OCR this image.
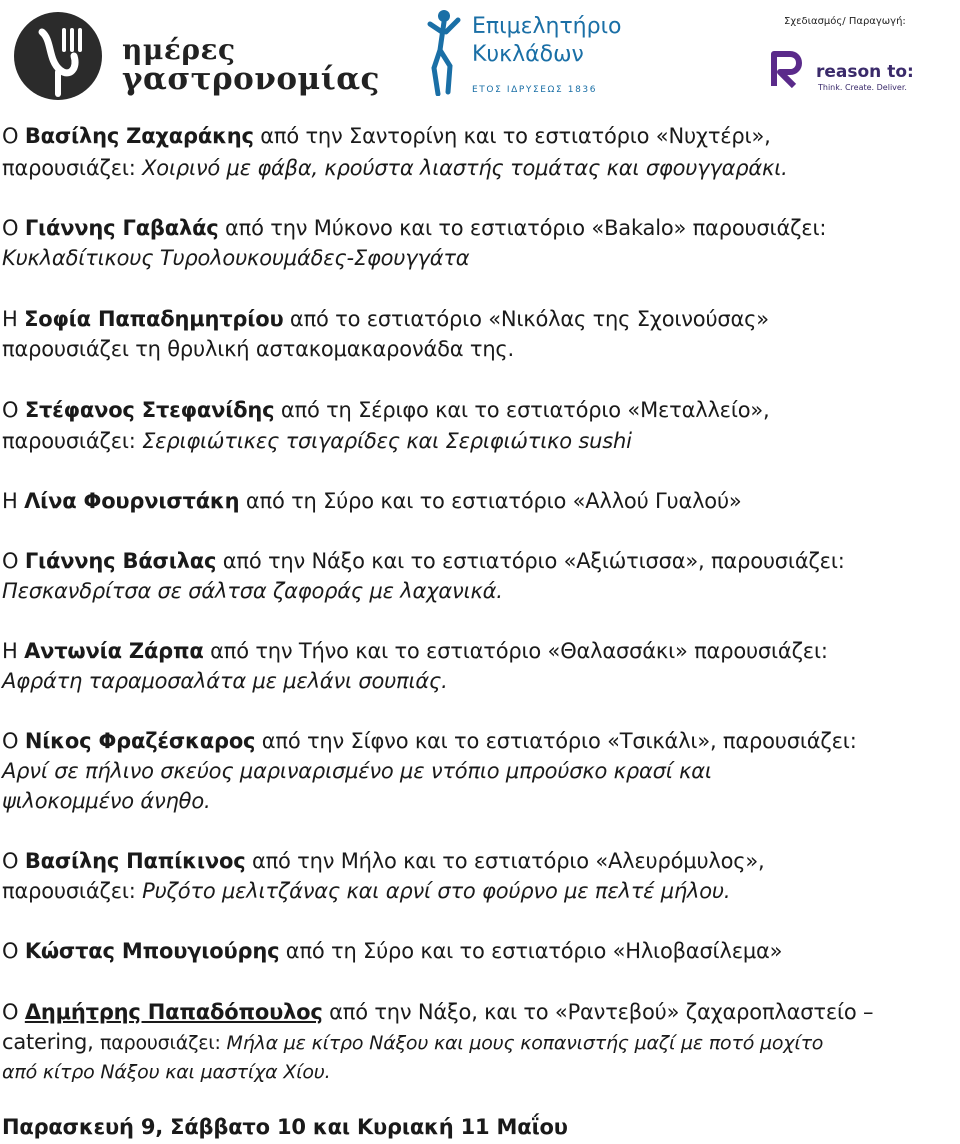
ημέρες
γαστρονομίας
Επιμελητήριο
Κυκλάδων
ΕΤΟΣ ΙΔΡΥΣΕΩΣ 1836
Σχεδιασμός/ Παραγωγή:
reason to:
Think. Create. Deliver.
Ο Βασίλης Ζαχαράκης από την Σαντορίνη και το εστιατόριο «Νυχτέρι»,
παρουσιάζει: Χοιρινό με φάβα, κρούστα λιαστής τομάτας και σφουγγαράκι.
Ο Γιάννης Γαβαλάς από την Μύκονο και το εστιατόριο «Bakalo» παρουσιάζει:
Κυκλαδίτικους Τυρολουκουμάδες-Σφουγγάτα
Η Σοφία Παπαδημητρίου από το εστιατόριο «Νικόλας της Σχοινούσας»
παρουσιάζει τη θρυλική αστακομακαρονάδα της.
Ο Στέφανος Στεφανίδης από τη Σέριφο και το εστιατόριο «Μεταλλείο»,
παρουσιάζει: Σεριφιώτικες τσιγαρίδες και Σεριφιώτικο sushi
Η Λίνα Φουρνιστάκη από τη Σύρο και το εστιατόριο «Αλλού Γυαλού»
Ο Γιάννης Βάσιλας από την Νάξο και το εστιατόριο «Αξιώτισσα», παρουσιάζει:
Πεσκανδρίτσα σε σάλτσα ζαφοράς με λαχανικά.
Η Αντωνία Ζάρπα από την Τήνο και το εστιατόριο «Θαλασσάκι» παρουσιάζει:
Αφράτη ταραμοσαλάτα με μελάνι σουπιάς.
Ο Νίκος Φραζέσκαρος από την Σίφνο και το εστιατόριο «Τσικάλι», παρουσιάζει:
Αρνί σε πήλινο σκεύος μαριναρισμένο με ντόπιο μπρούσκο κρασί και
ψιλοκομμένο άνηθο.
Ο Βασίλης Παπίκινος από την Μήλο και το εστιατόριο «Αλευρόμυλος»,
παρουσιάζει: Ρυζότο μελιτζάνας και αρνί στο φούρνο με πελτέ μήλου.
Ο Κώστας Μπουγιούρης από τη Σύρο και το εστιατόριο «Ηλιοβασίλεμα»
Ο Δημήτρης Παπαδόπουλος από την Νάξο, και το «Ραντεβού» ζαχαροπλαστείο –
catering, παρουσιάζει: Μήλα με κίτρο Νάξου και μους κοπανιστής μαζί με ποτό μοχίτο
από κίτρο Νάξου και μαστίχα Χίου.
Παρασκευή 9, Σάββατο 10 και Κυριακή 11 Μαΐου
